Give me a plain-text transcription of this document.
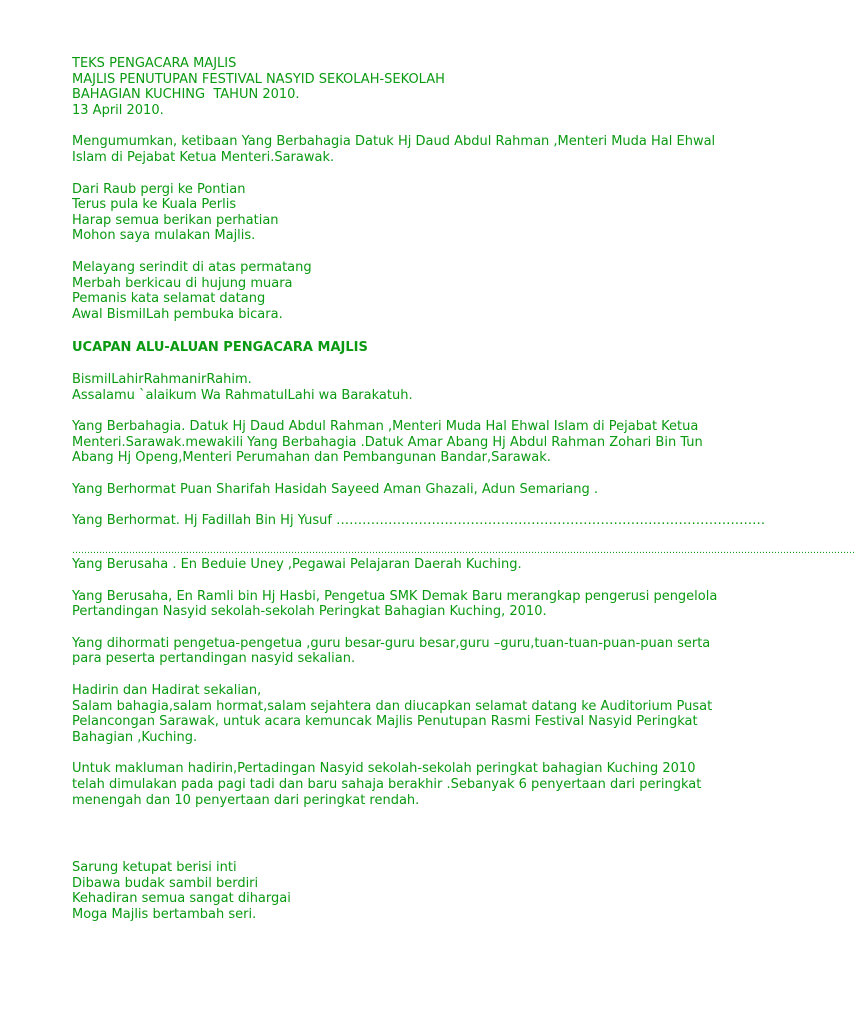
TEKS PENGACARA MAJLIS
MAJLIS PENUTUPAN FESTIVAL NASYID SEKOLAH-SEKOLAH
BAHAGIAN KUCHING  TAHUN 2010.
13 April 2010.

Mengumumkan, ketibaan Yang Berbahagia Datuk Hj Daud Abdul Rahman ,Menteri Muda Hal Ehwal Islam di Pejabat Ketua Menteri.Sarawak.

Dari Raub pergi ke Pontian
Terus pula ke Kuala Perlis
Harap semua berikan perhatian
Mohon saya mulakan Majlis.
Melayang serindit di atas permatang
Merbah berkicau di hujung muara
Pemanis kata selamat datang
Awal BismilLah pembuka bicara.

UCAPAN ALU-ALUAN PENGACARA MAJLIS

BismilLahirRahmanirRahim.
Assalamu `alaikum Wa RahmatulLahi wa Barakatuh.

Yang Berbahagia. Datuk Hj Daud Abdul Rahman ,Menteri Muda Hal Ehwal Islam di Pejabat Ketua Menteri.Sarawak.mewakili Yang Berbahagia .Datuk Amar Abang Hj Abdul Rahman Zohari Bin Tun Abang Hj Openg,Menteri Perumahan dan Pembangunan Bandar,Sarawak.

Yang Berhormat Puan Sharifah Hasidah Sayeed Aman Ghazali, Adun Semariang .

Yang Berhormat. Hj Fadillah Bin Hj Yusuf ………………………………………………………………………………………

………………………………………………………………………………………………………………………………………………………………………………………………………………………………………

Yang Berusaha . En Beduie Uney ,Pegawai Pelajaran Daerah Kuching.

Yang Berusaha, En Ramli bin Hj Hasbi, Pengetua SMK Demak Baru merangkap pengerusi pengelola Pertandingan Nasyid sekolah-sekolah Peringkat Bahagian Kuching, 2010.

Yang dihormati pengetua-pengetua ,guru besar-guru besar,guru –guru,tuan-tuan-puan-puan serta para peserta pertandingan nasyid sekalian.

Hadirin dan Hadirat sekalian,

Salam bahagia,salam hormat,salam sejahtera dan diucapkan selamat datang ke Auditorium Pusat Pelancongan Sarawak, untuk acara kemuncak Majlis Penutupan Rasmi Festival Nasyid Peringkat Bahagian ,Kuching.

Untuk makluman hadirin,Pertadingan Nasyid sekolah-sekolah peringkat bahagian Kuching 2010 telah dimulakan pada pagi tadi dan baru sahaja berakhir .Sebanyak 6 penyertaan dari peringkat menengah dan 10 penyertaan dari peringkat rendah.

Sarung ketupat berisi inti
Dibawa budak sambil berdiri
Kehadiran semua sangat dihargai
Moga Majlis bertambah seri.
